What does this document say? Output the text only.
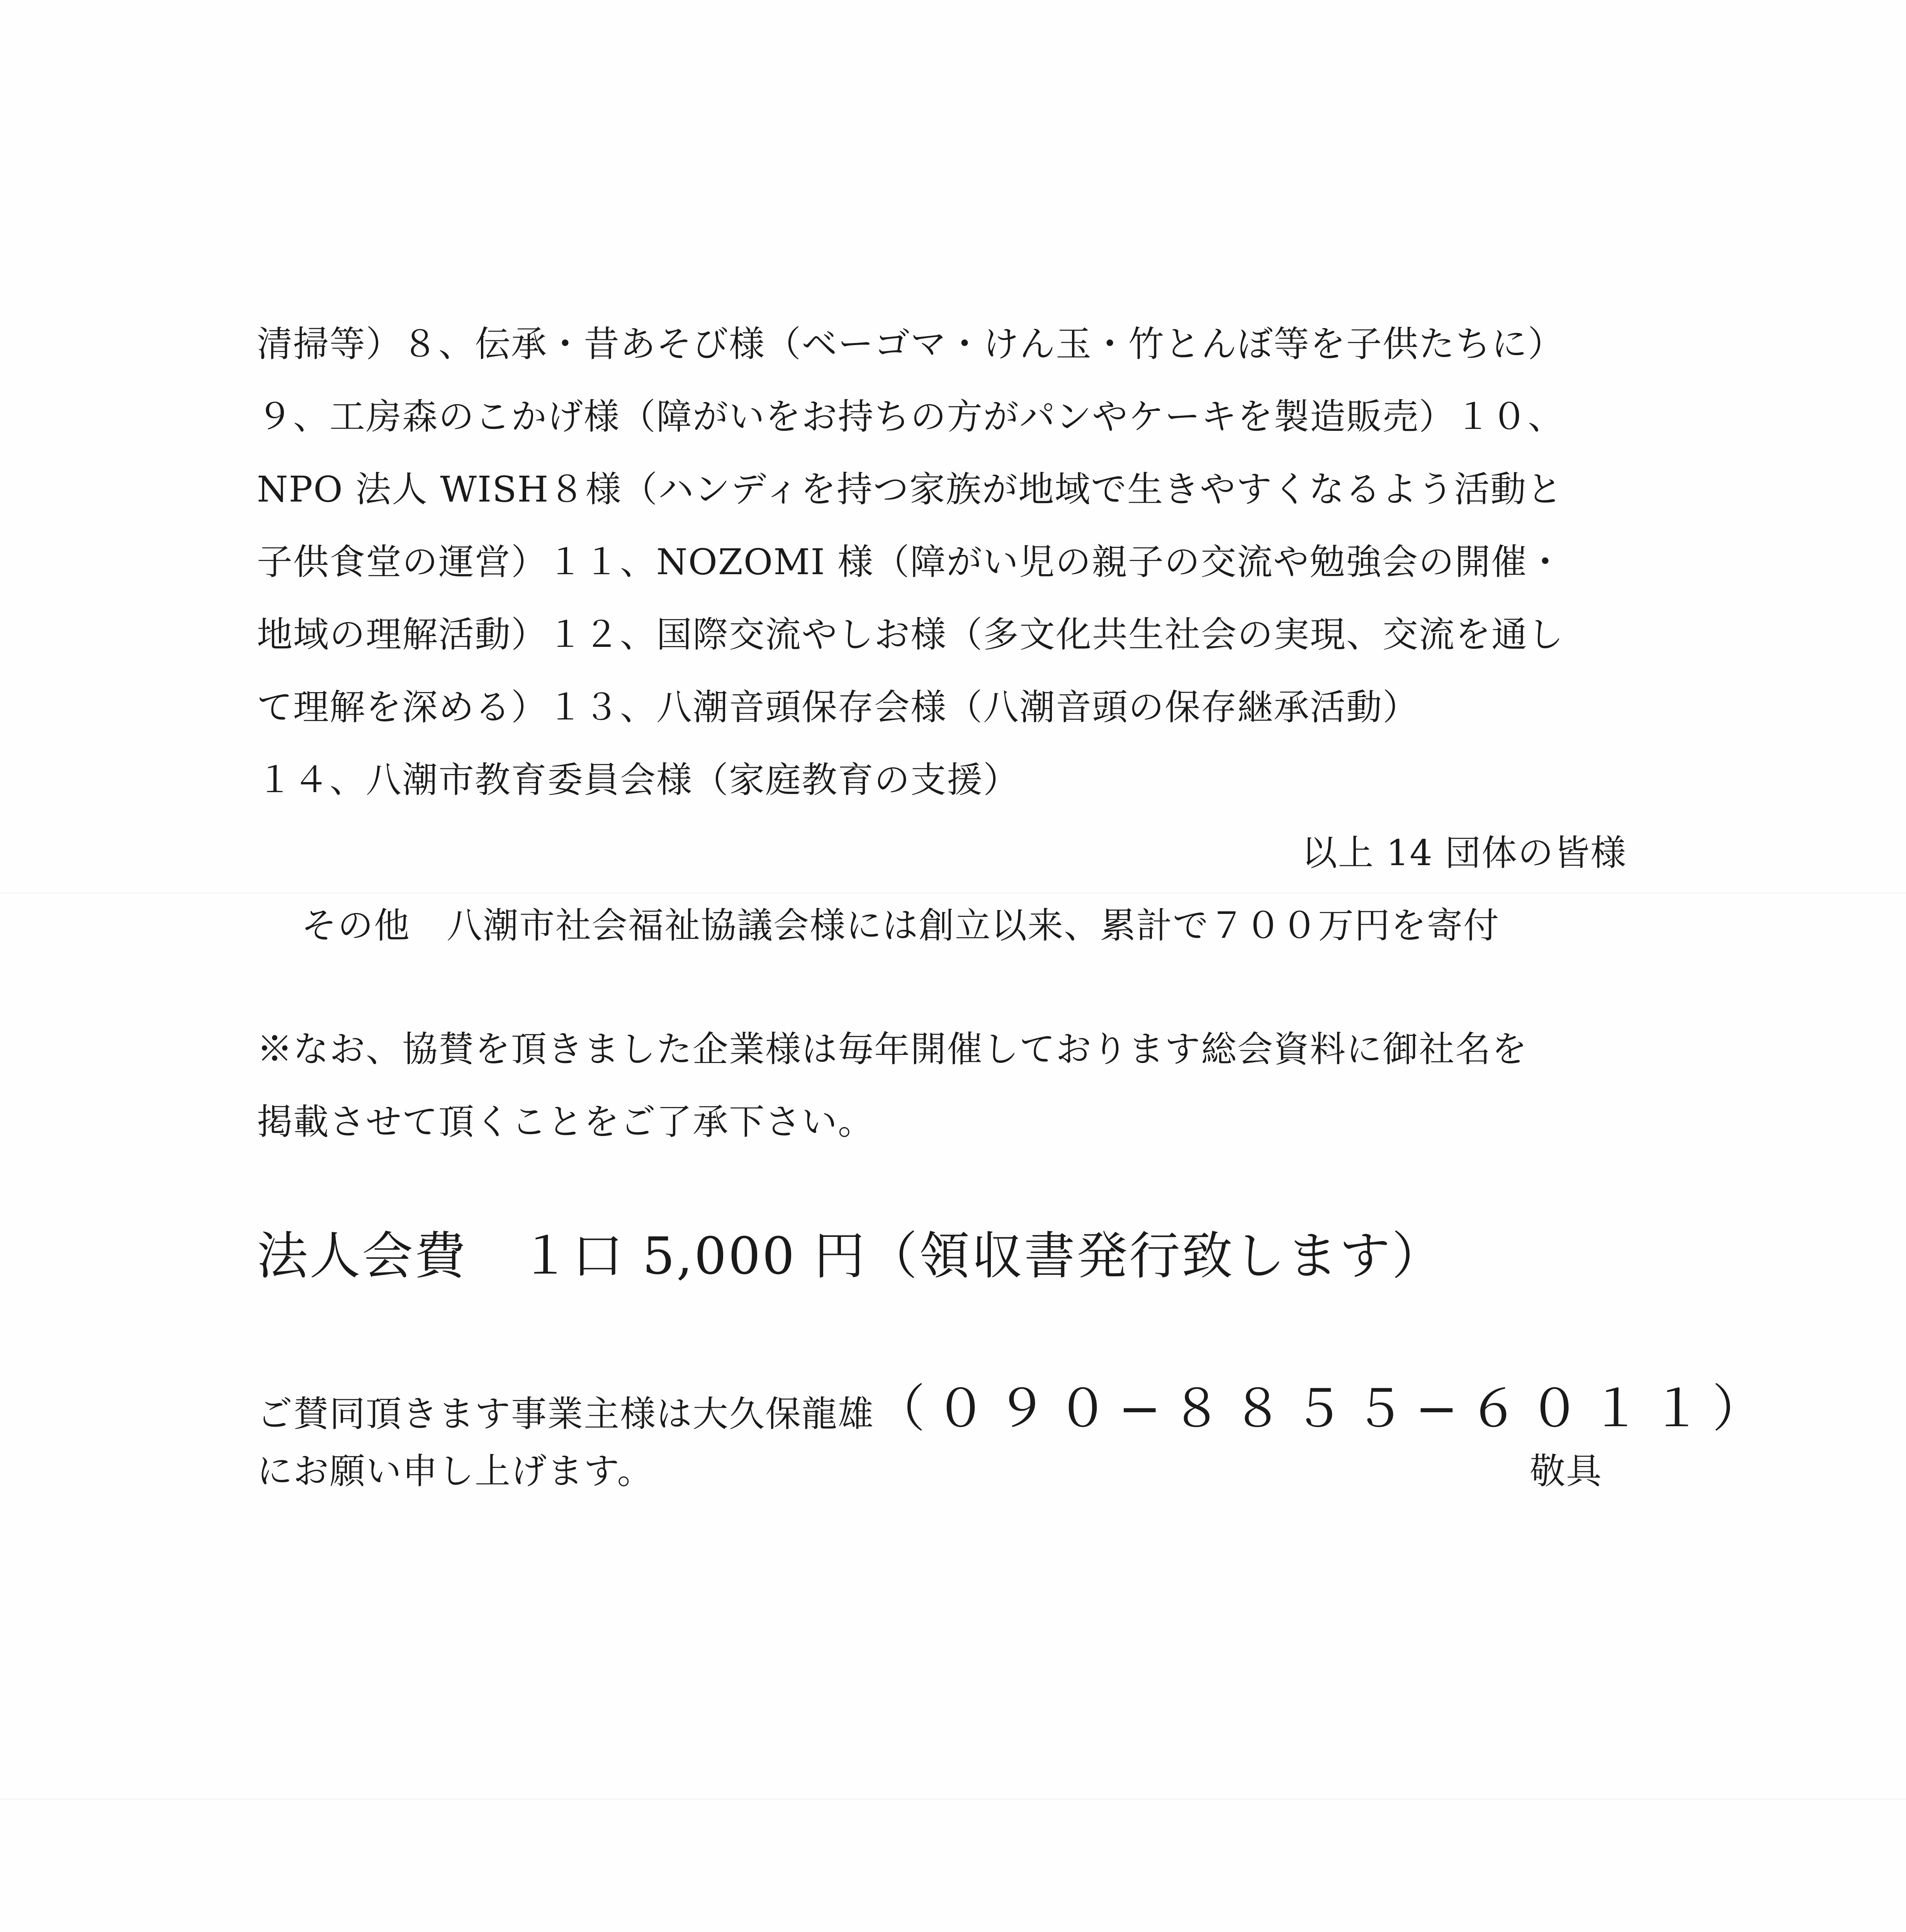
清掃等）８、伝承・昔あそび様（ベーゴマ・けん玉・竹とんぼ等を子供たちに）
９、工房森のこかげ様（障がいをお持ちの方がパンやケーキを製造販売）１０、
NPO 法人 WISH８様（ハンディを持つ家族が地域で生きやすくなるよう活動と
子供食堂の運営）１１、NOZOMI 様（障がい児の親子の交流や勉強会の開催・
地域の理解活動）１２、国際交流やしお様（多文化共生社会の実現、交流を通し
て理解を深める）１３、八潮音頭保存会様（八潮音頭の保存継承活動）
１４、八潮市教育委員会様（家庭教育の支援）
以上 14 団体の皆様
その他　八潮市社会福祉協議会様には創立以来、累計で７００万円を寄付
※なお、協賛を頂きました企業様は毎年開催しております総会資料に御社名を
掲載させて頂くことをご了承下さい。
法人会費　１口 5,000 円（領収書発行致します）
ご賛同頂きます事業主様は大久保龍雄（０９０−８８５５−６０１１）
にお願い申し上げます。	敬具
